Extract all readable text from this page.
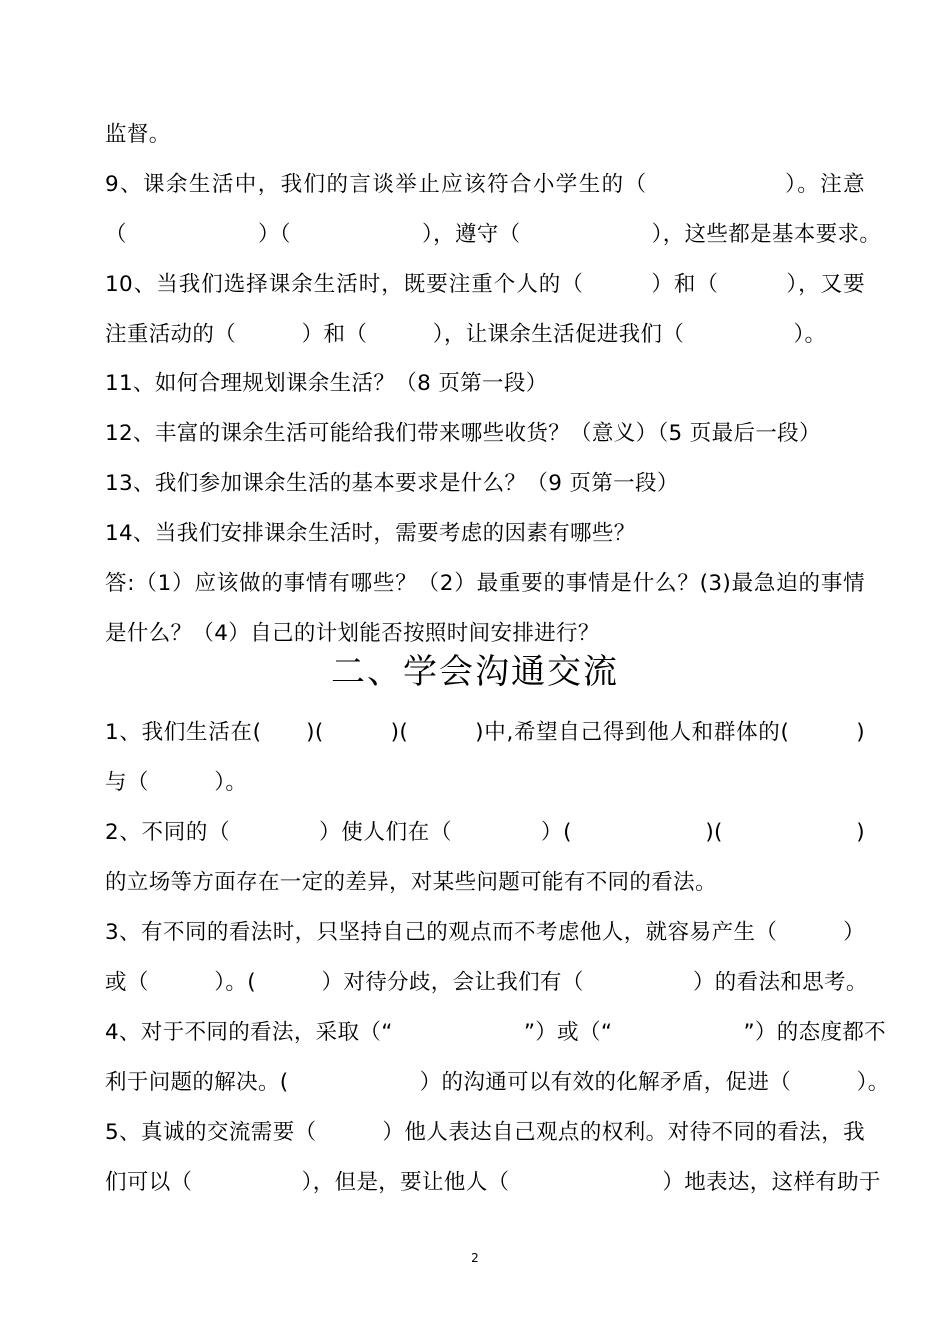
监督。
9、课余生活中，我们的言谈举止应该符合小学生的（　　　　　　）。注意
（　　　　　　）（　　　　　　），遵守（　　　　　　），这些都是基本要求。
10、当我们选择课余生活时，既要注重个人的（　　　）和（　　　），又要
注重活动的（　　　）和（　　　），让课余生活促进我们（　　　　　）。
11、如何合理规划课余生活？（8 页第一段）
12、丰富的课余生活可能给我们带来哪些收货？（意义）（5 页最后一段）
13、我们参加课余生活的基本要求是什么？（9 页第一段）
14、当我们安排课余生活时，需要考虑的因素有哪些？
答:（1）应该做的事情有哪些？（2）最重要的事情是什么？(3)最急迫的事情
是什么？（4）自己的计划能否按照时间安排进行？
二、学会沟通交流
1、我们生活在(　　)(　　　)(　　　)中,希望自己得到他人和群体的(　　　)
与（　　　）。
2、不同的（　　　　）使人们在（　　　　）(　　　　　　)(　　　　　　)
的立场等方面存在一定的差异，对某些问题可能有不同的看法。
3、有不同的看法时，只坚持自己的观点而不考虑他人，就容易产生（　　　）
或（　　　）。(　　　）对待分歧，会让我们有（　　　　　）的看法和思考。
4、对于不同的看法，采取（“　　　　　　”）或（“　　　　　　”）的态度都不
利于问题的解决。(　　　　　　）的沟通可以有效的化解矛盾，促进（　　　）。
5、真诚的交流需要（　　　）他人表达自己观点的权利。对待不同的看法，我
们可以（　　　　　），但是，要让他人（　　　　　　　）地表达，这样有助于
2
